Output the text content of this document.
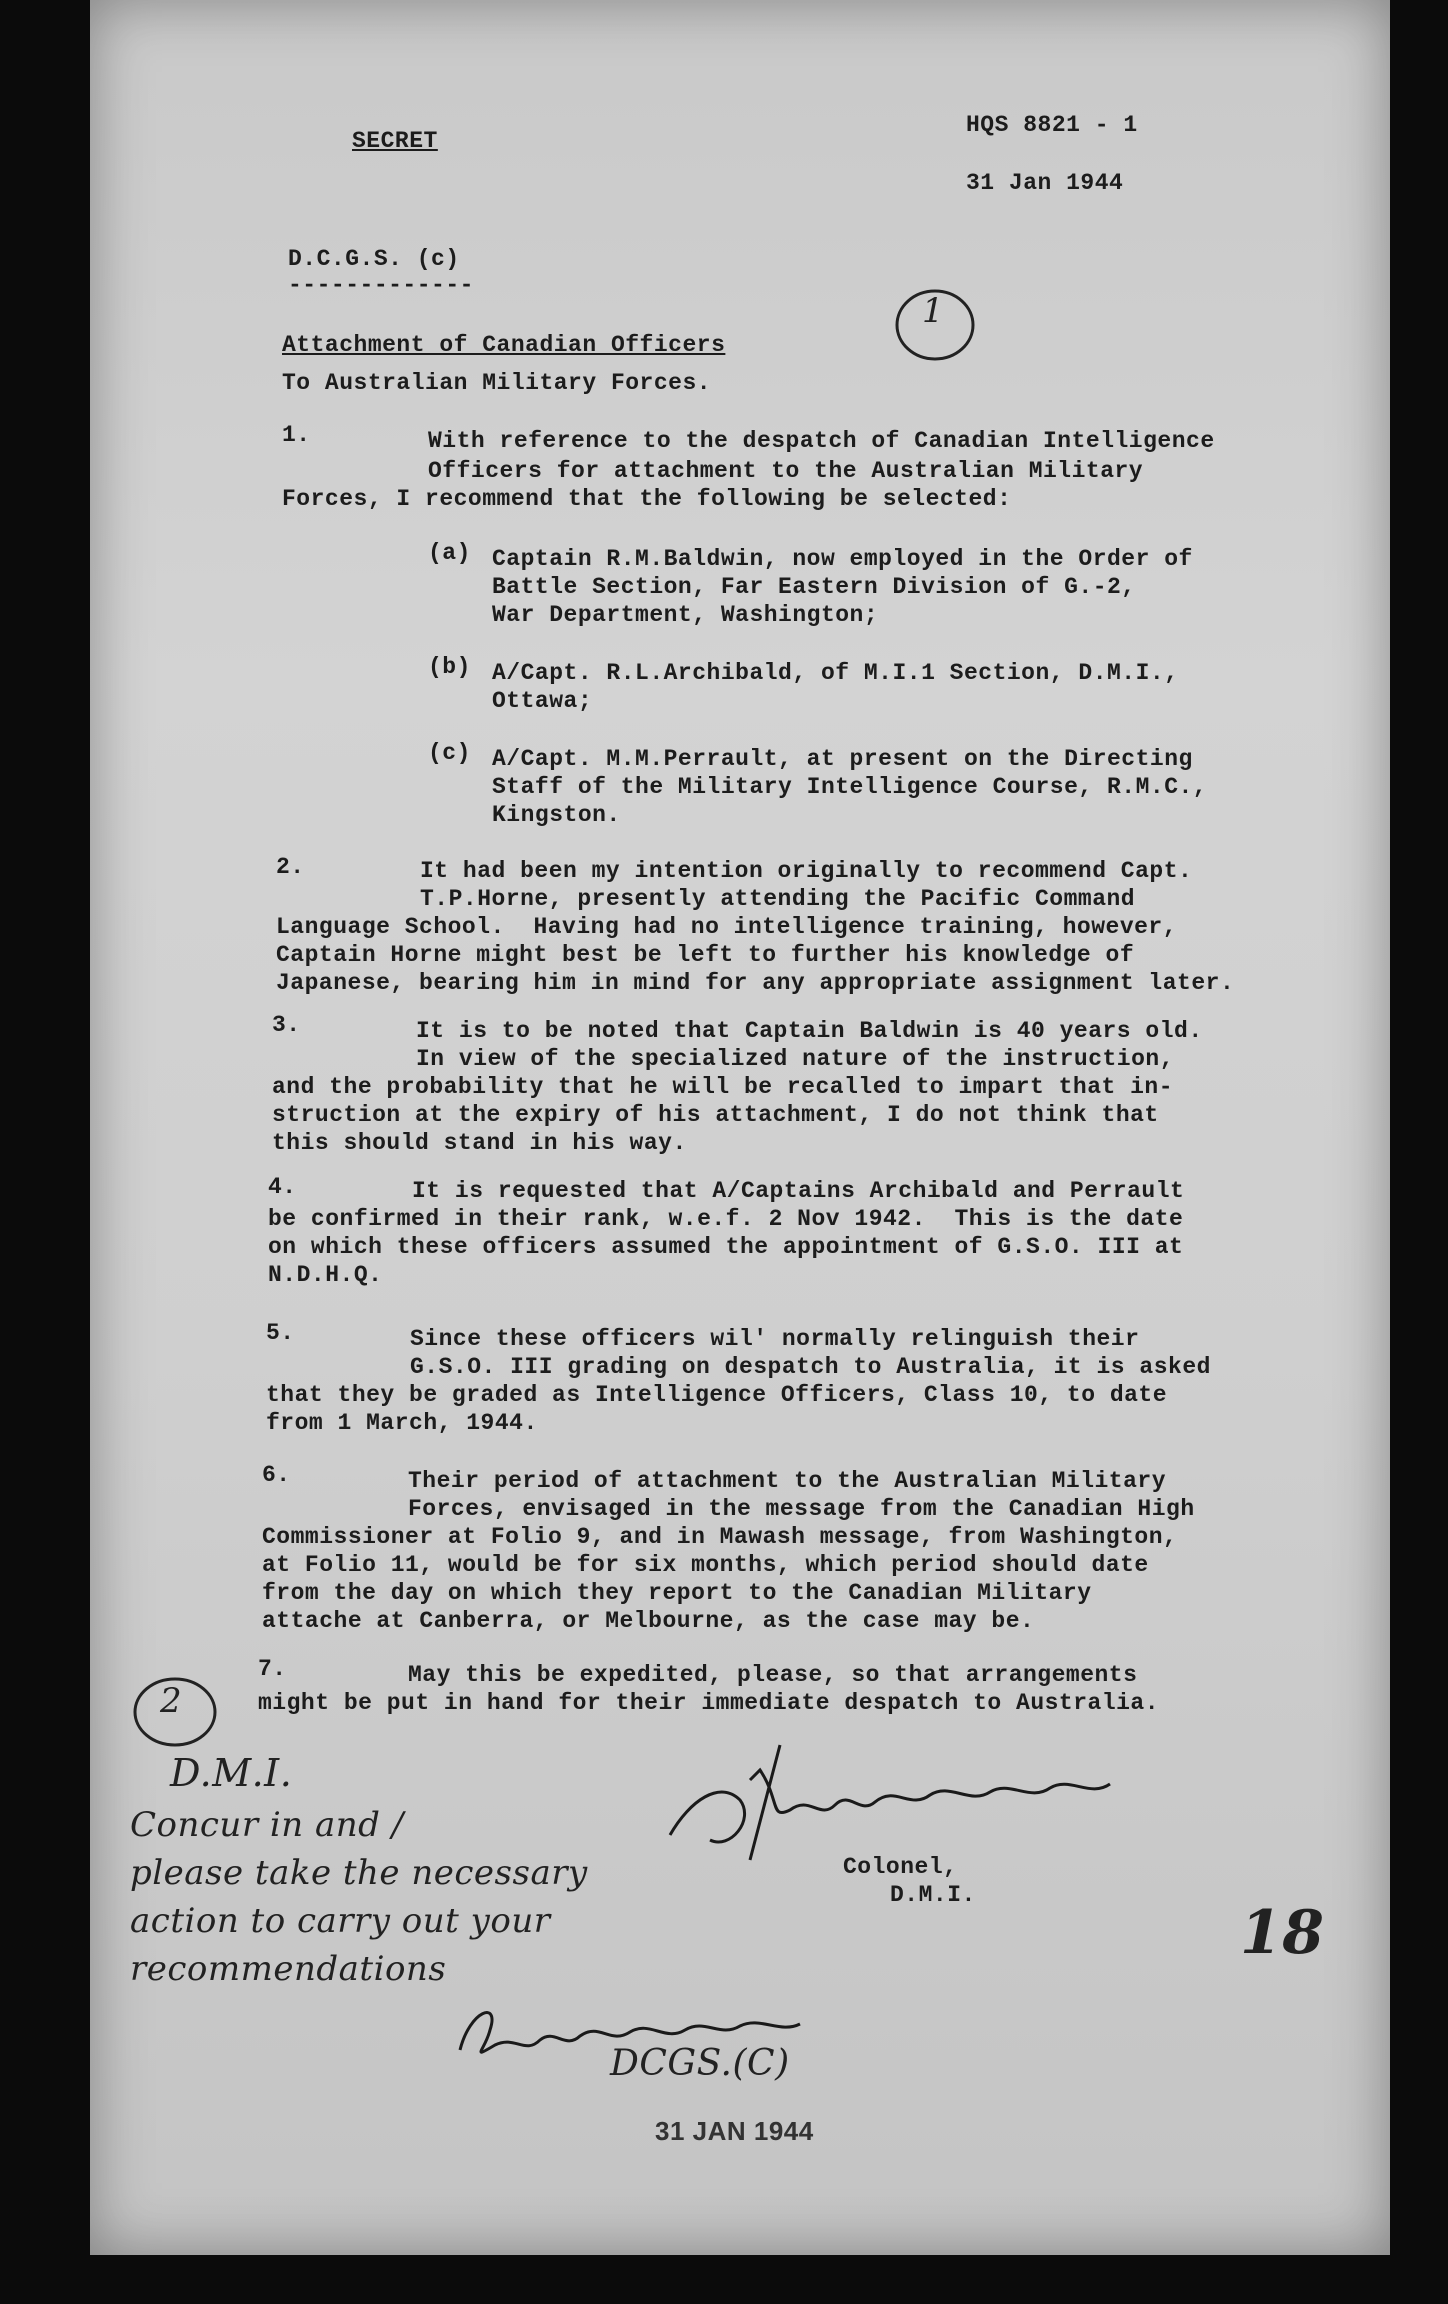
SECRET
HQS 8821 - 1
31 Jan 1944
D.C.G.S. (c)
-------------
Attachment of Canadian Officers
To Australian Military Forces.
1
1.	With reference to the despatch of Canadian Intelligence
Officers for attachment to the Australian Military
Forces, I recommend that the following be selected:
(a) Captain R.M.Baldwin, now employed in the Order of
Battle Section, Far Eastern Division of G.-2,
War Department, Washington;
(b) A/Capt. R.L.Archibald, of M.I.1 Section, D.M.I.,
Ottawa;
(c) A/Capt. M.M.Perrault, at present on the Directing
Staff of the Military Intelligence Course, R.M.C.,
Kingston.
2.	It had been my intention originally to recommend Capt.
T.P.Horne, presently attending the Pacific Command
Language School.  Having had no intelligence training, however,
Captain Horne might best be left to further his knowledge of
Japanese, bearing him in mind for any appropriate assignment later.
3.	It is to be noted that Captain Baldwin is 40 years old.
In view of the specialized nature of the instruction,
and the probability that he will be recalled to impart that in-
struction at the expiry of his attachment, I do not think that
this should stand in his way.
4.	It is requested that A/Captains Archibald and Perrault
be confirmed in their rank, w.e.f. 2 Nov 1942.  This is the date
on which these officers assumed the appointment of G.S.O. III at
N.D.H.Q.
5.	Since these officers wil' normally relinguish their
G.S.O. III grading on despatch to Australia, it is asked
that they be graded as Intelligence Officers, Class 10, to date
from 1 March, 1944.
6.	Their period of attachment to the Australian Military
Forces, envisaged in the message from the Canadian High
Commissioner at Folio 9, and in Mawash message, from Washington,
at Folio 11, would be for six months, which period should date
from the day on which they report to the Canadian Military
attache at Canberra, or Melbourne, as the case may be.
7.	May this be expedited, please, so that arrangements
might be put in hand for their immediate despatch to Australia.
2
Colonel,
D.M.I.
D.M.I.
Concur in and /
please take the necessary
action to carry out your
recommendations
DCGS.(C)
18
31 JAN 1944
